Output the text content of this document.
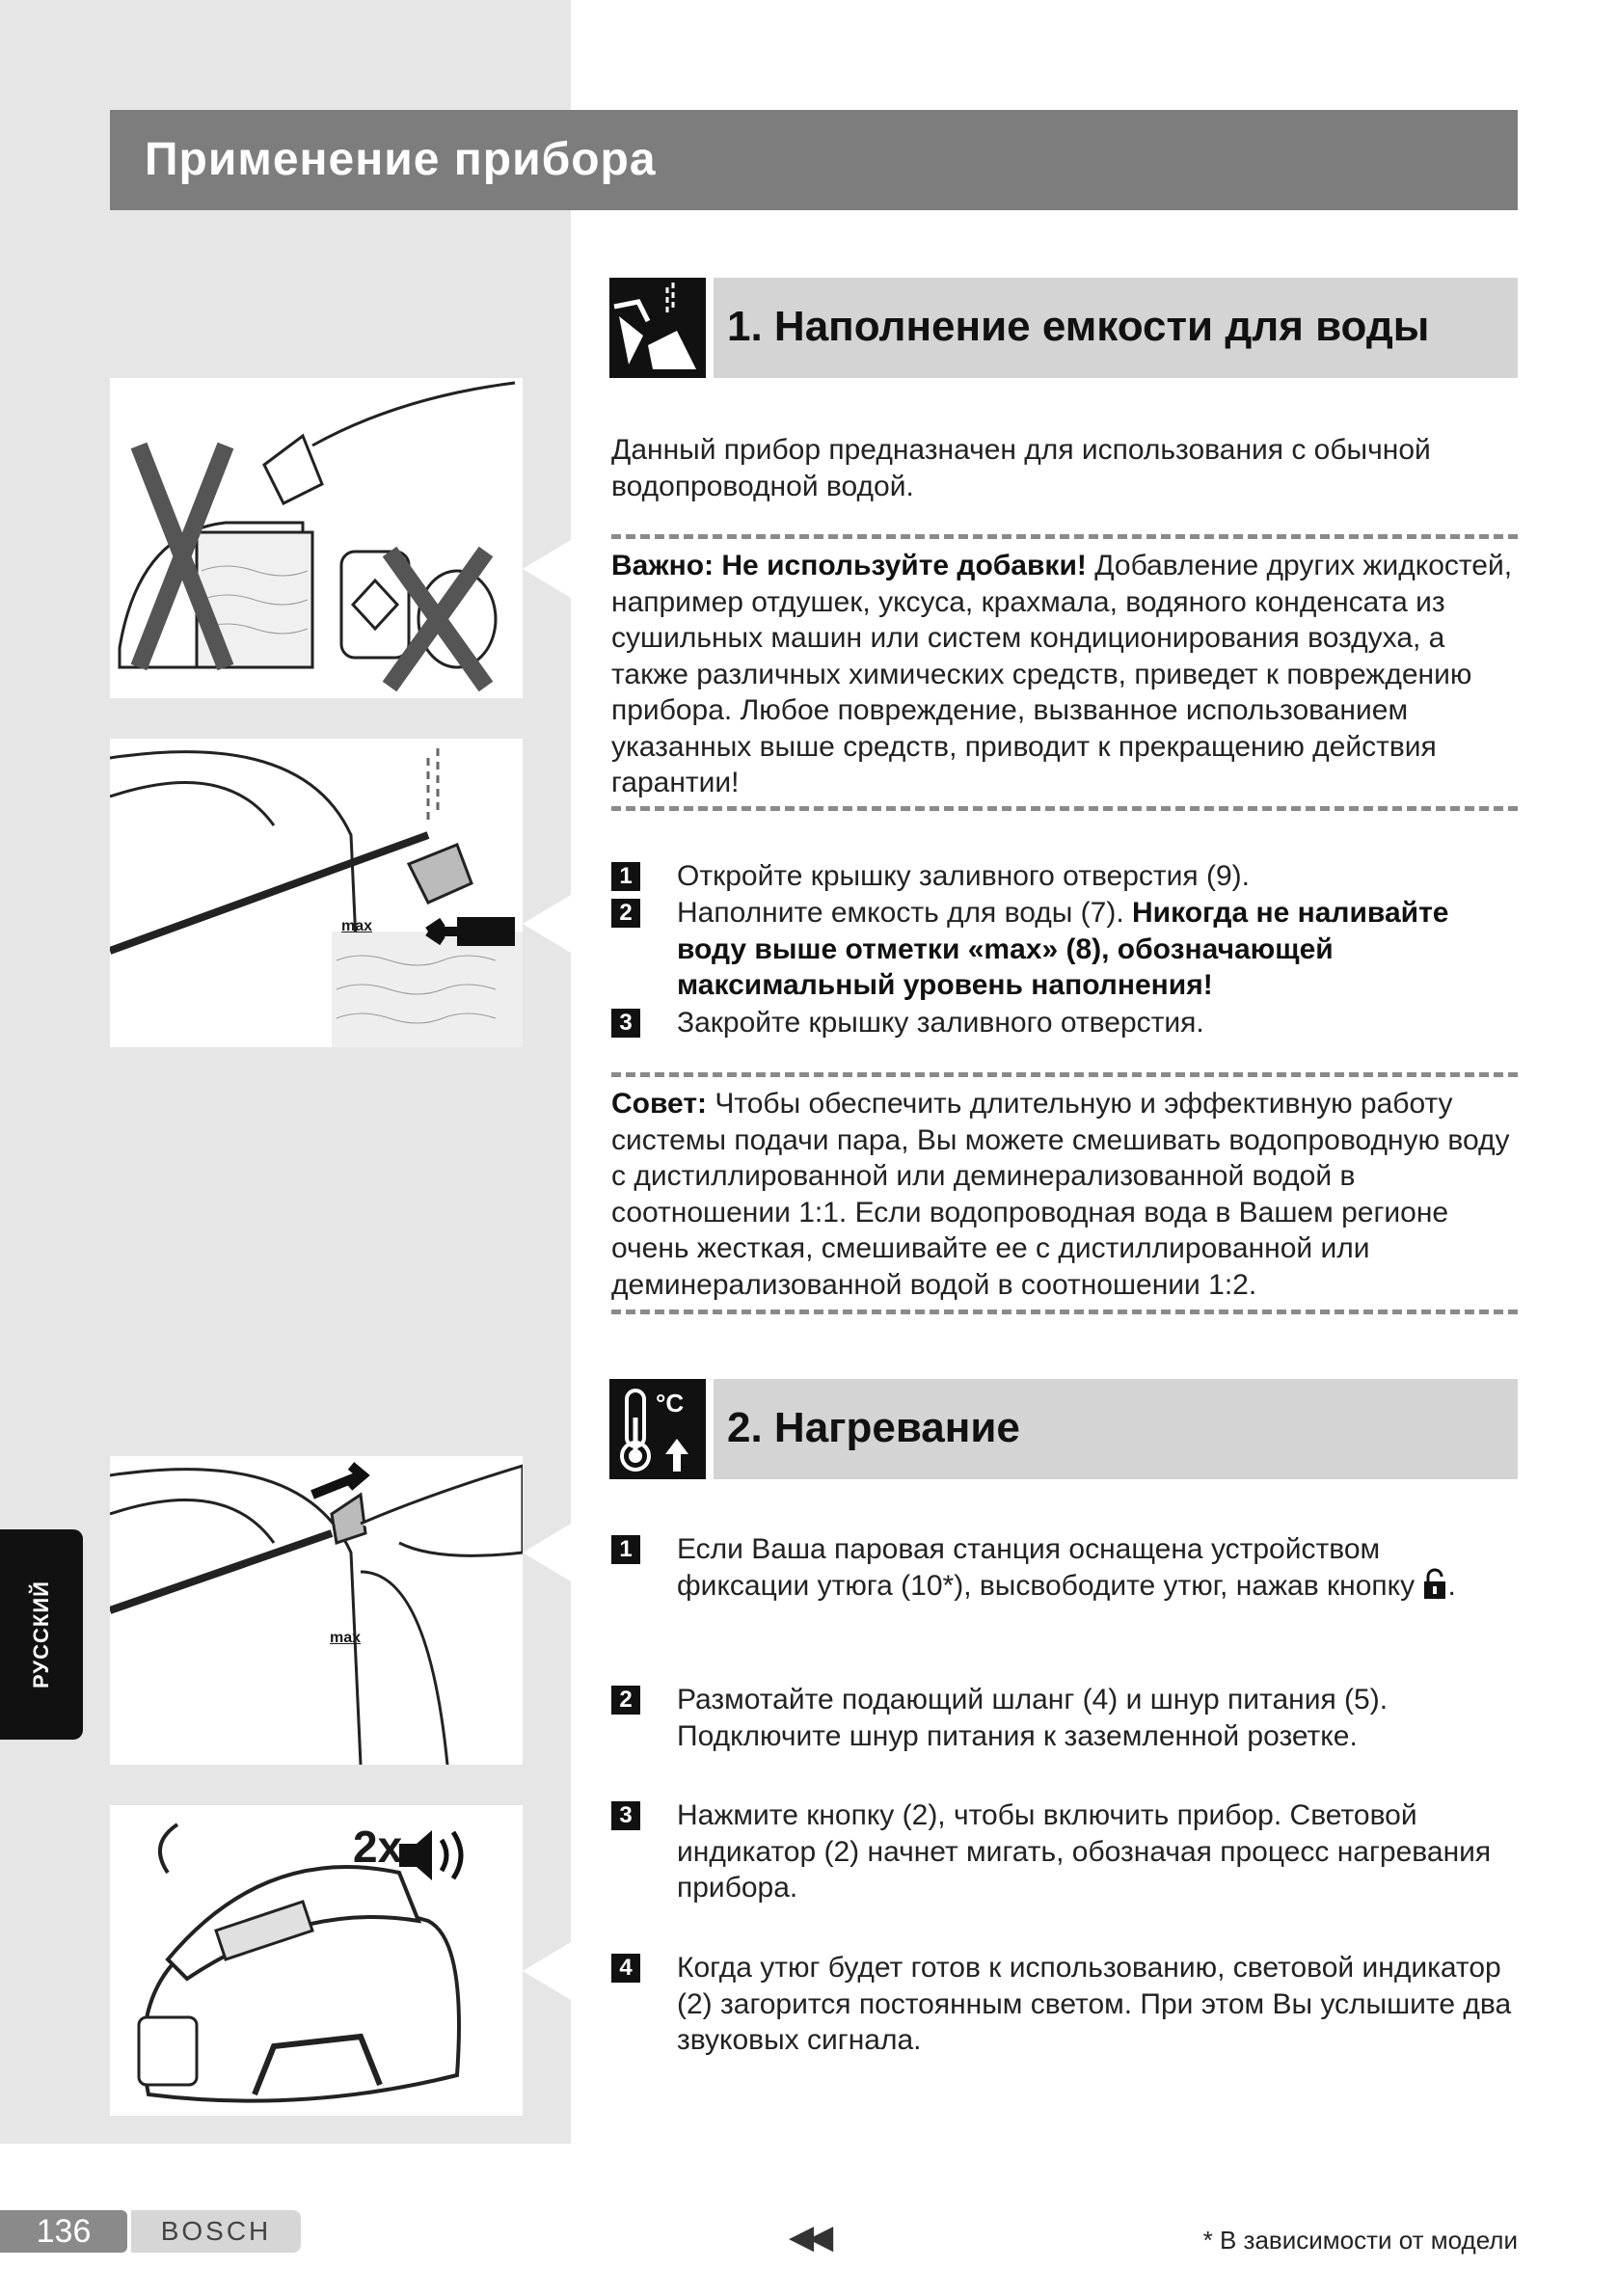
Применение прибора
1. Наполнение емкости для воды
Данный прибор предназначен для использования с обычной водопроводной водой.
Важно: Не используйте добавки! Добавление других жидкостей, например отдушек, уксуса, крахмала, водяного конденсата из сушильных машин или систем кондиционирования воздуха, а также различных химических средств, приведет к повреждению прибора. Любое повреждение, вызванное использованием указанных выше средств, приводит к прекращению действия гарантии!
1 Откройте крышку заливного отверстия (9).
2 Наполните емкость для воды (7). Никогда не наливайте воду выше отметки «max» (8), обозначающей максимальный уровень наполнения!
3 Закройте крышку заливного отверстия.
Совет: Чтобы обеспечить длительную и эффективную работу системы подачи пара, Вы можете смешивать водопроводную воду с дистиллированной или деминерализованной водой в соотношении 1:1. Если водопроводная вода в Вашем регионе очень жесткая, смешивайте ее с дистиллированной или деминерализованной водой в соотношении 1:2.
°C
2. Нагревание
1 Если Ваша паровая станция оснащена устройством фиксации утюга (10*), высвободите утюг, нажав кнопку .
2 Размотайте подающий шланг (4) и шнур питания (5). Подключите шнур питания к заземленной розетке.
3 Нажмите кнопку (2), чтобы включить прибор. Световой индикатор (2) начнет мигать, обозначая процесс нагревания прибора.
4 Когда утюг будет готов к использованию, световой индикатор (2) загорится постоянным светом. При этом Вы услышите два звуковых сигнала.
max
max
2x
РУССКИЙ
136	BOSCH	◀◀	* В зависимости от модели
